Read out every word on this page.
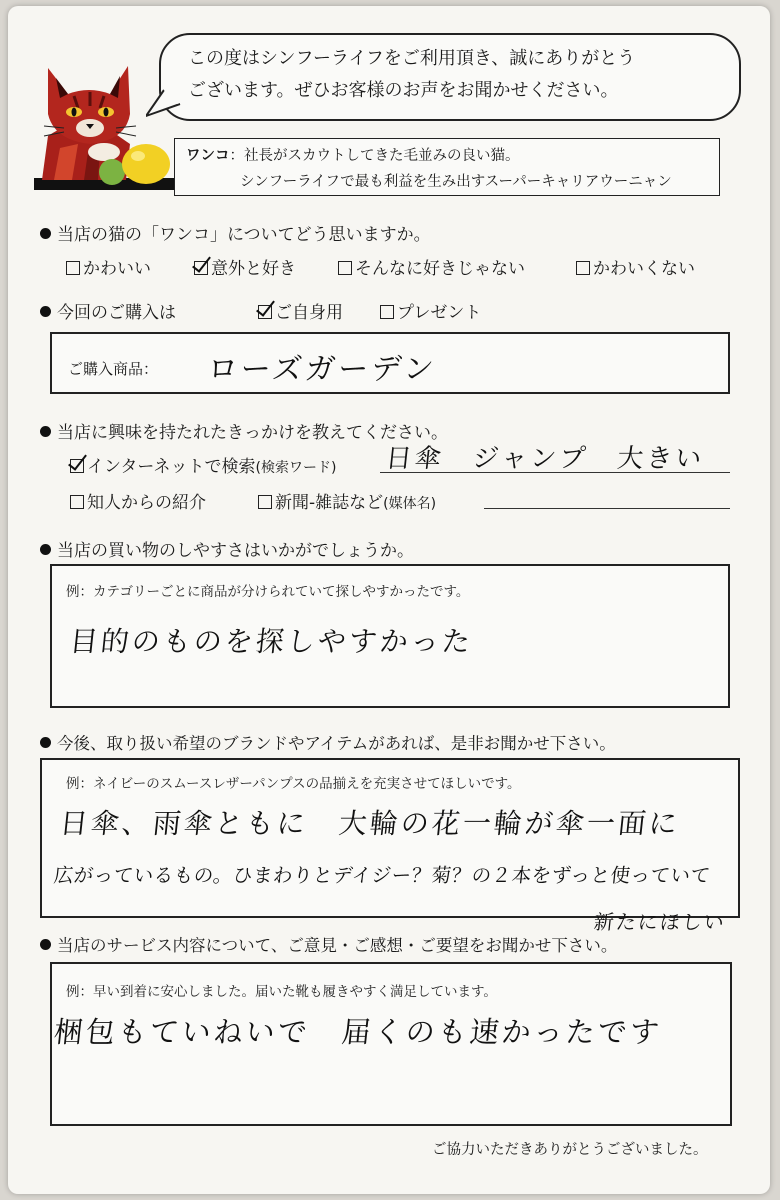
この度はシンフーライフをご利用頂き、誠にありがとう
ございます。ぜひお客様のお声をお聞かせください。
ワンコ：社長がスカウトしてきた毛並みの良い猫。
シンフーライフで最も利益を生み出すスーパーキャリアウーニャン
当店の猫の「ワンコ」についてどう思いますか。
かわいい	意外と好き	そんなに好きじゃない	かわいくない
今回のご購入は	ご自身用	プレゼント
ご購入商品： ローズガーデン
当店に興味を持たれたきっかけを教えてください。
インターネットで検索(検索ワード) 日傘　ジャンプ　大きい
知人からの紹介	新聞-雑誌など(媒体名)
当店の買い物のしやすさはいかがでしょうか。
例：カテゴリーごとに商品が分けられていて探しやすかったです。
目的のものを探しやすかった
今後、取り扱い希望のブランドやアイテムがあれば、是非お聞かせ下さい。
例：ネイビーのスムースレザーパンプスの品揃えを充実させてほしいです。
日傘、雨傘ともに　大輪の花一輪が傘一面に
広がっているもの。ひまわりとデイジー？菊？の２本をずっと使っていて
新たにほしい
当店のサービス内容について、ご意見・ご感想・ご要望をお聞かせ下さい。
例：早い到着に安心しました。届いた靴も履きやすく満足しています。
梱包もていねいで　届くのも速かったです
ご協力いただきありがとうございました。
